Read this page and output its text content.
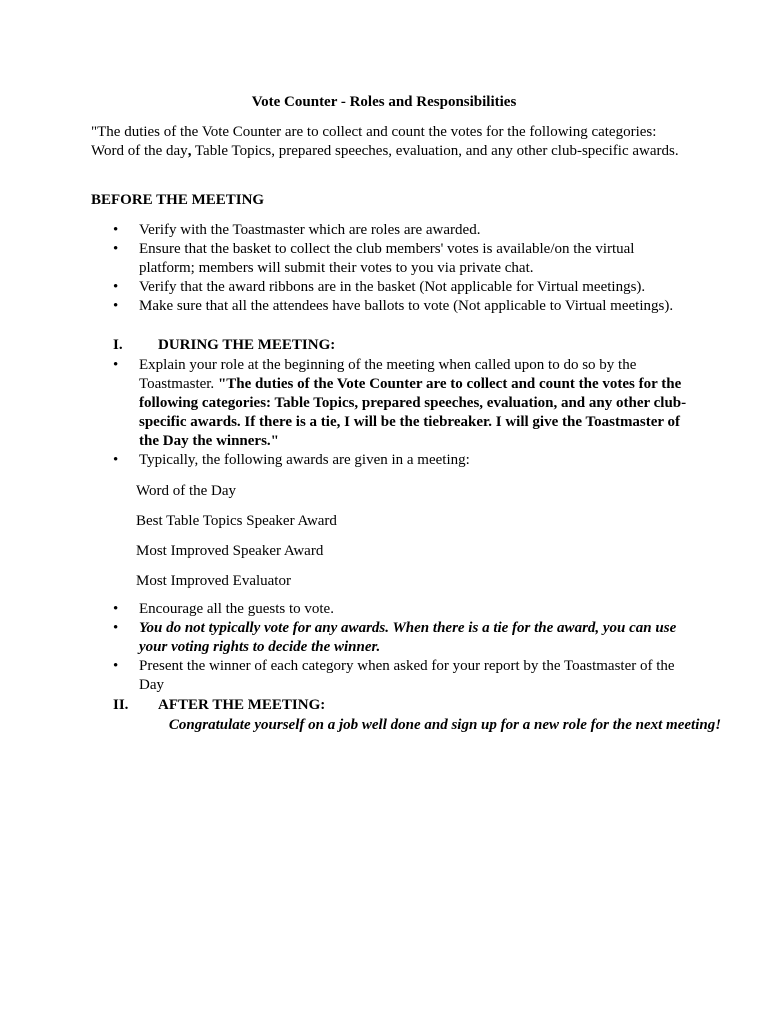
Vote Counter - Roles and Responsibilities
"The duties of the Vote Counter are to collect and count the votes for the following categories: Word of the day, Table Topics, prepared speeches, evaluation, and any other club-specific awards.
BEFORE THE MEETING
• Verify with the Toastmaster which are roles are awarded.
• Ensure that the basket to collect the club members' votes is available/on the virtual platform; members will submit their votes to you via private chat.
• Verify that the award ribbons are in the basket (Not applicable for Virtual meetings).
• Make sure that all the attendees have ballots to vote (Not applicable to Virtual meetings).
I. DURING THE MEETING:
• Explain your role at the beginning of the meeting when called upon to do so by the Toastmaster. "The duties of the Vote Counter are to collect and count the votes for the following categories: Table Topics, prepared speeches, evaluation, and any other club-specific awards. If there is a tie, I will be the tiebreaker. I will give the Toastmaster of the Day the winners."
• Typically, the following awards are given in a meeting:
Word of the Day
Best Table Topics Speaker Award
Most Improved Speaker Award
Most Improved Evaluator
• Encourage all the guests to vote.
• You do not typically vote for any awards. When there is a tie for the award, you can use your voting rights to decide the winner.
• Present the winner of each category when asked for your report by the Toastmaster of the Day
II. AFTER THE MEETING:
Congratulate yourself on a job well done and sign up for a new role for the next meeting!
